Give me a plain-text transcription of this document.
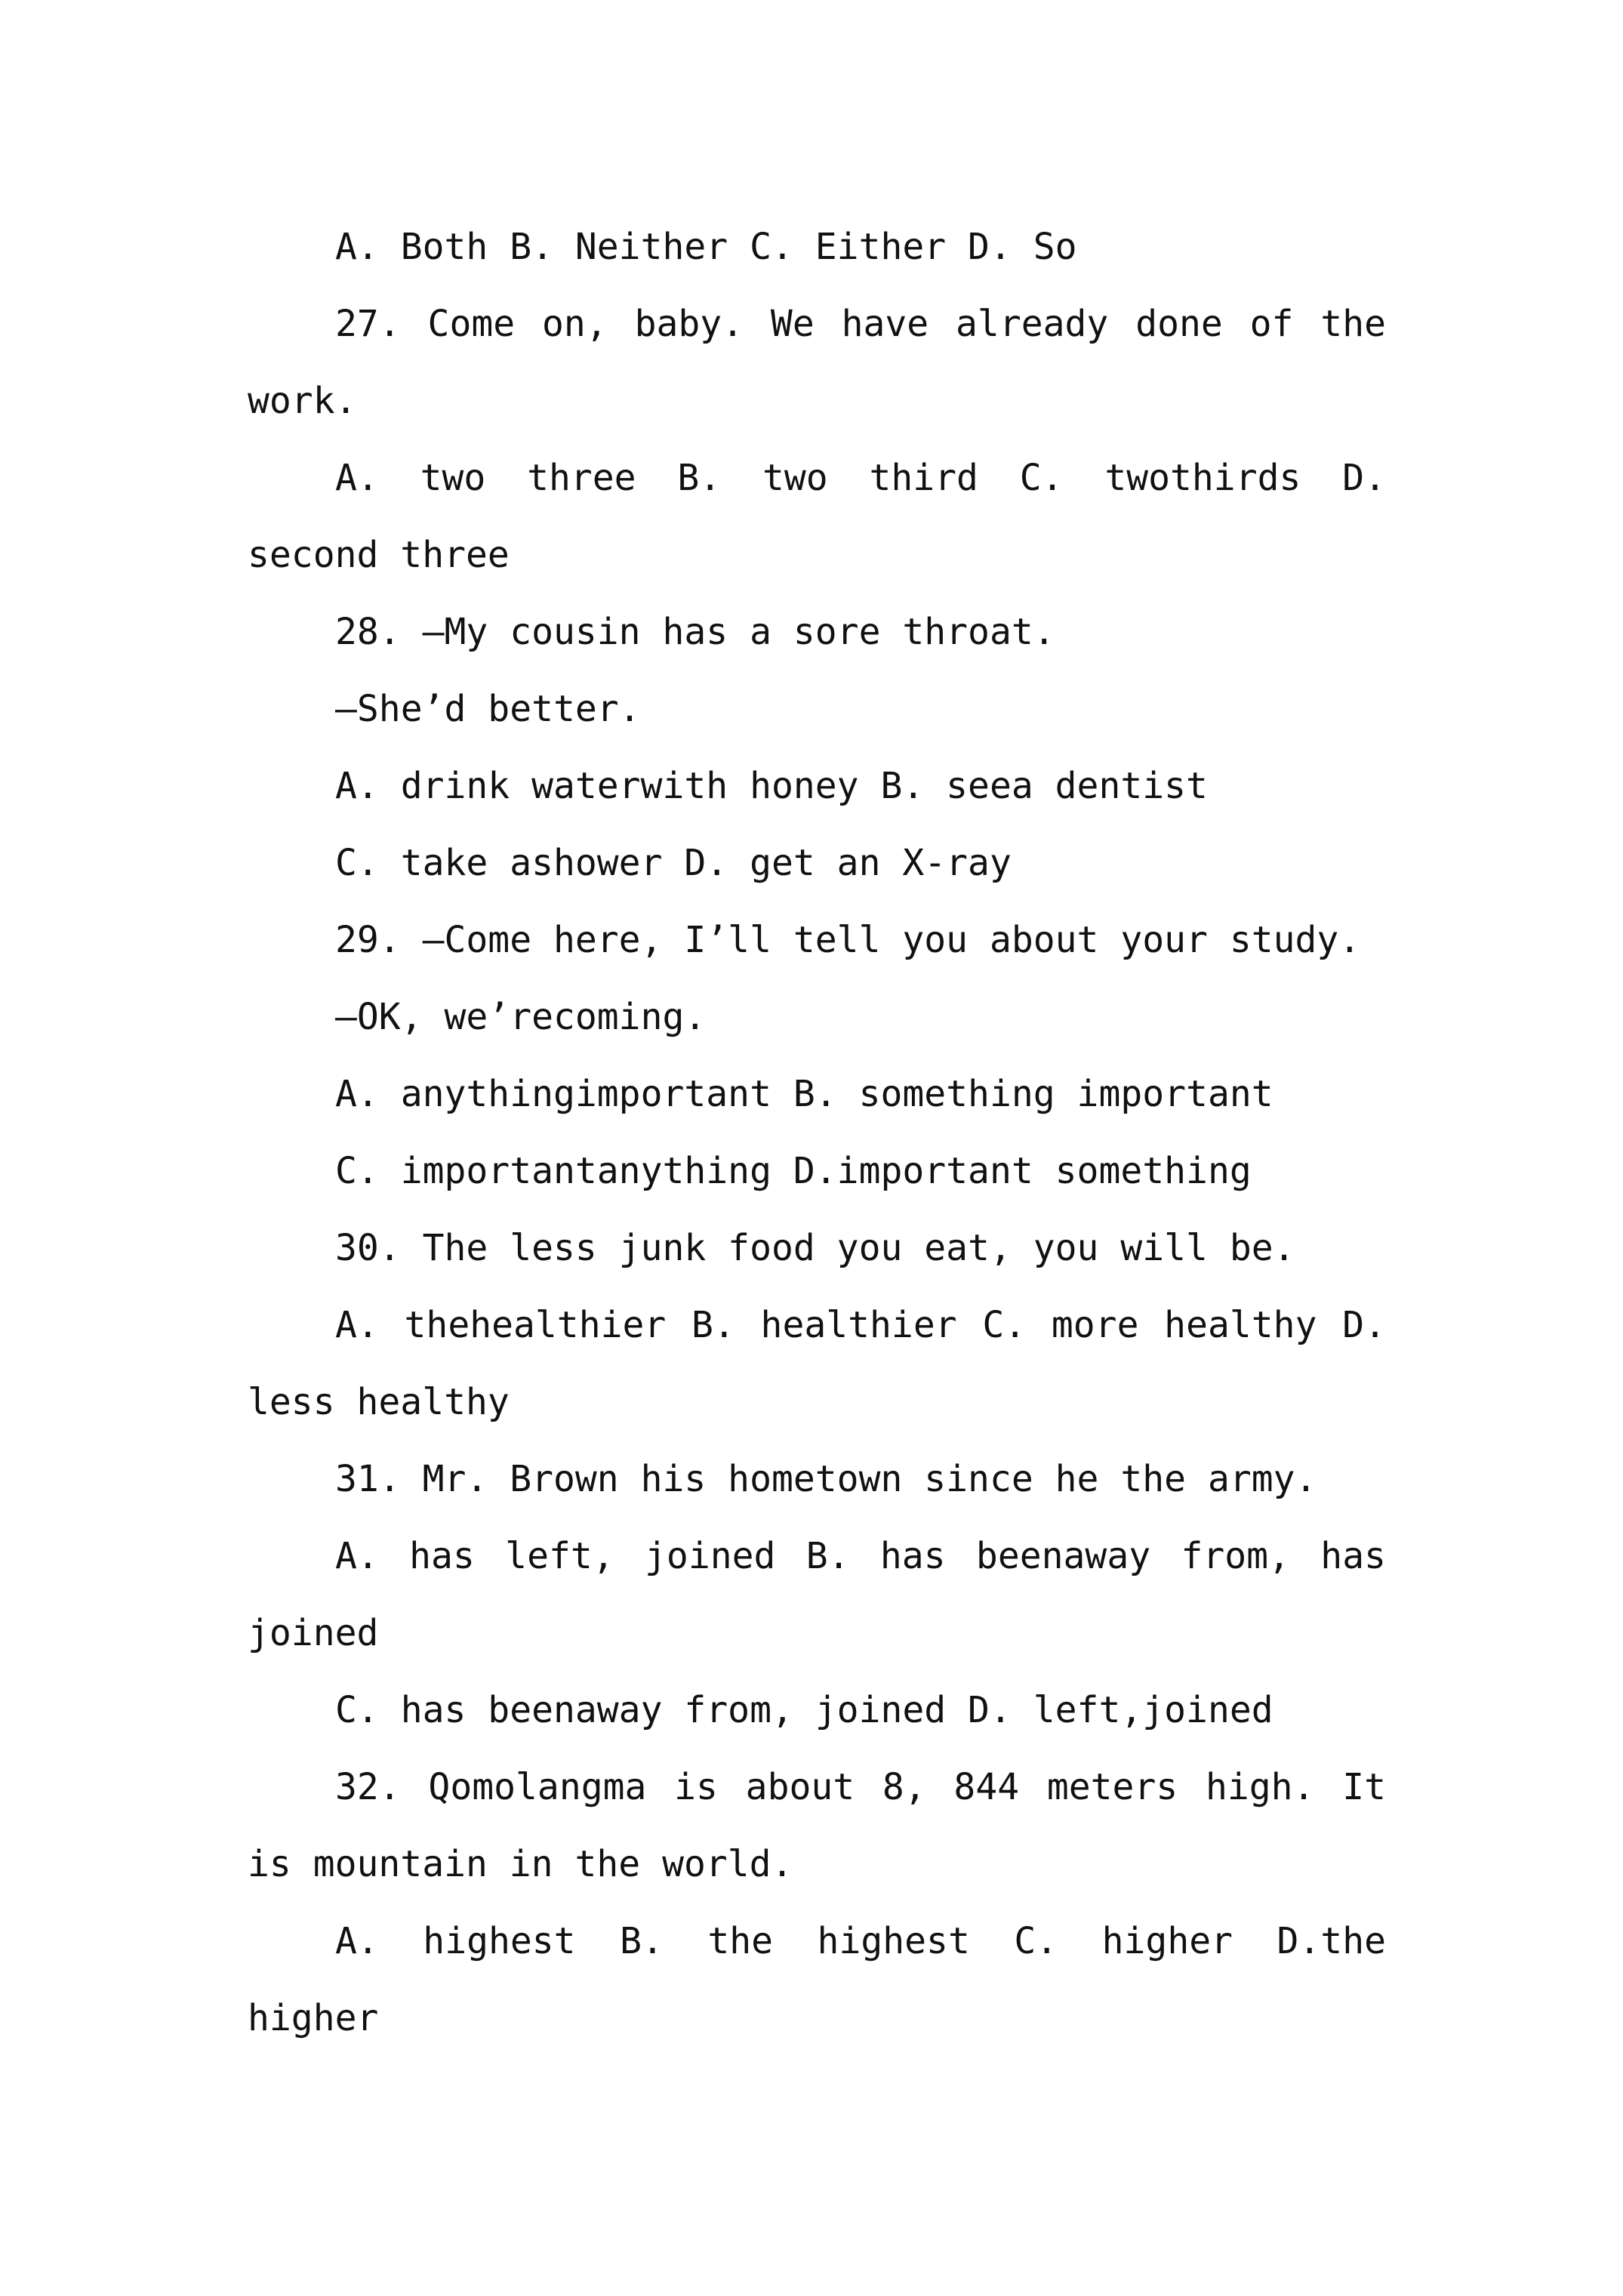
A. Both B. Neither C. Either D. So
27. Come on, baby. We have already done of the
work.
A. two three B. two third C. twothirds D.
second three
28. —My cousin has a sore throat.
—She’d better.
A. drink waterwith honey B. seea dentist
C. take ashower D. get an X-ray
29. —Come here, I’ll tell you about your study.
—OK, we’recoming.
A. anythingimportant B. something important
C. importantanything D.important something
30. The less junk food you eat, you will be.
A. thehealthier B. healthier C. more healthy D.
less healthy
31. Mr. Brown his hometown since he the army.
A. has left, joined B. has beenaway from, has
joined
C. has beenaway from, joined D. left,joined
32. Qomolangma is about 8, 844 meters high. It
is mountain in the world.
A. highest B. the highest C. higher D.the
higher
